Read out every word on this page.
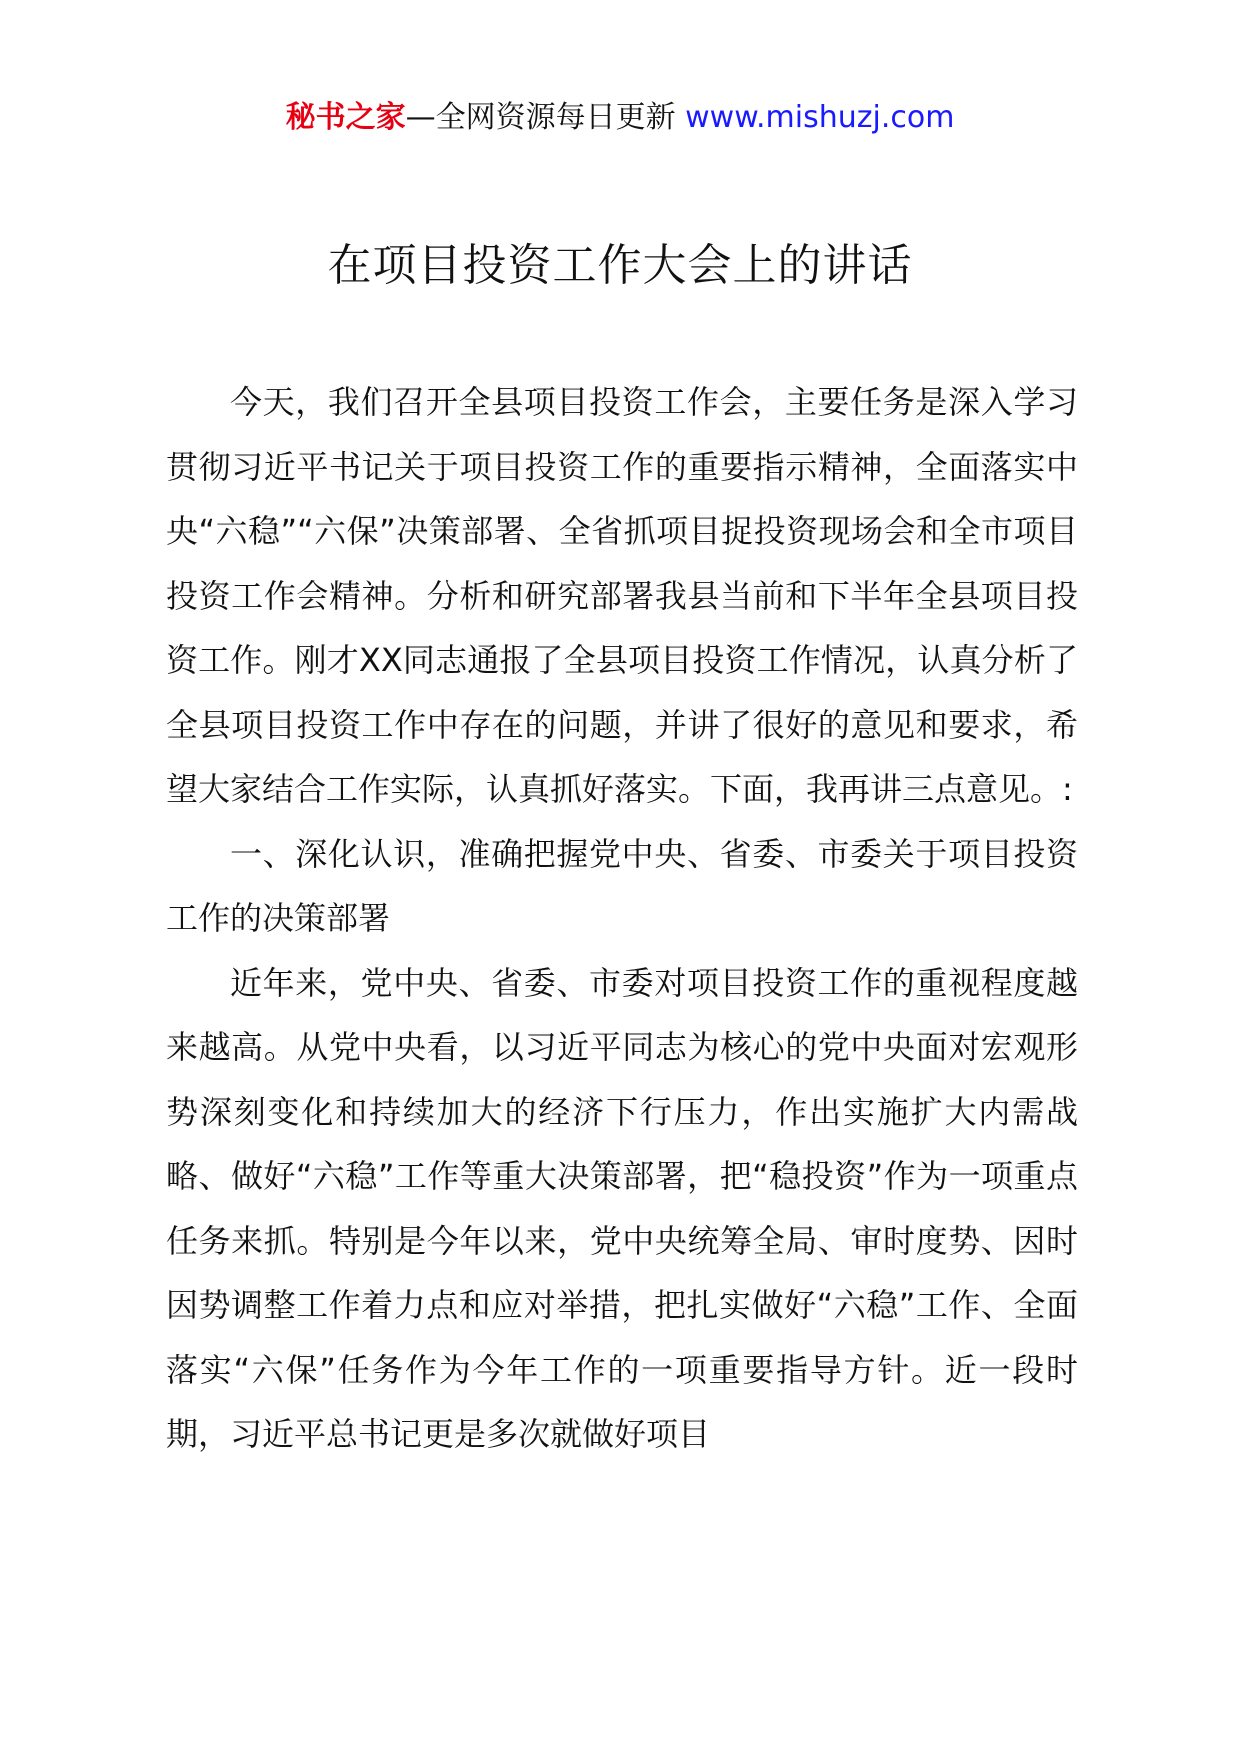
秘书之家—全网资源每日更新 www.mishuzj.com
在项目投资工作大会上的讲话

今天，我们召开全县项目投资工作会，主要任务是深入学习贯彻习近平书记关于项目投资工作的重要指示精神，全面落实中央“六稳”“六保”决策部署、全省抓项目捉投资现场会和全市项目投资工作会精神。分析和研究部署我县当前和下半年全县项目投资工作。刚才XX同志通报了全县项目投资工作情况，认真分析了全县项目投资工作中存在的问题，并讲了很好的意见和要求，希望大家结合工作实际，认真抓好落实。下面，我再讲三点意见。:

一、深化认识，准确把握党中央、省委、市委关于项目投资工作的决策部署

近年来，党中央、省委、市委对项目投资工作的重视程度越来越高。从党中央看，以习近平同志为核心的党中央面对宏观形势深刻变化和持续加大的经济下行压力，作出实施扩大内需战略、做好“六稳”工作等重大决策部署，把“稳投资”作为一项重点任务来抓。特别是今年以来，党中央统筹全局、审时度势、因时因势调整工作着力点和应对举措，把扎实做好“六稳”工作、全面落实“六保”任务作为今年工作的一项重要指导方针。近一段时期，习近平总书记更是多次就做好项目
